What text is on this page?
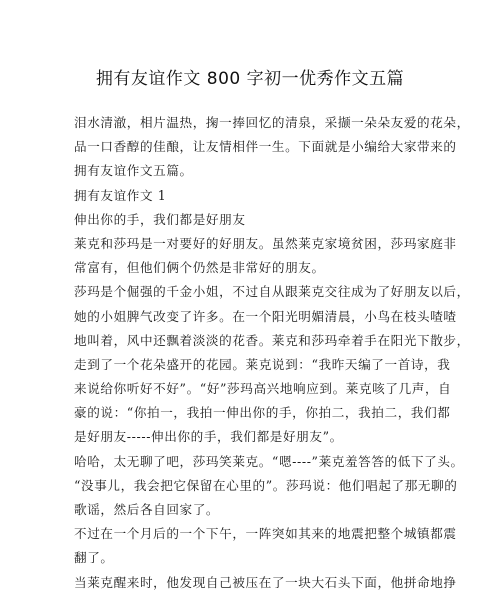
拥有友谊作文 800 字初一优秀作文五篇
泪水清澈，相片温热，掬一捧回忆的清泉，采撷一朵朵友爱的花朵，
品一口香醇的佳酿，让友情相伴一生。下面就是小编给大家带来的
拥有友谊作文五篇。
拥有友谊作文 1
伸出你的手，我们都是好朋友
莱克和莎玛是一对要好的好朋友。虽然莱克家境贫困，莎玛家庭非
常富有，但他们俩个仍然是非常好的朋友。
莎玛是个倔强的千金小姐，不过自从跟莱克交往成为了好朋友以后，
她的小姐脾气改变了许多。在一个阳光明媚清晨，小鸟在枝头喳喳
地叫着，风中还飘着淡淡的花香。莱克和莎玛牵着手在阳光下散步，
走到了一个花朵盛开的花园。莱克说到：“我昨天编了一首诗，我
来说给你听好不好”。“好”莎玛高兴地响应到。莱克咳了几声，自
豪的说：“你拍一，我拍一伸出你的手，你拍二，我拍二，我们都
是好朋友-----伸出你的手，我们都是好朋友”。
哈哈，太无聊了吧，莎玛笑莱克。“嗯----”莱克羞答答的低下了头。
“没事儿，我会把它保留在心里的”。莎玛说：他们唱起了那无聊的
歌谣，然后各自回家了。
不过在一个月后的一个下午，一阵突如其来的地震把整个城镇都震
翻了。
当莱克醒来时，他发现自己被压在了一块大石头下面，他拼命地挣
